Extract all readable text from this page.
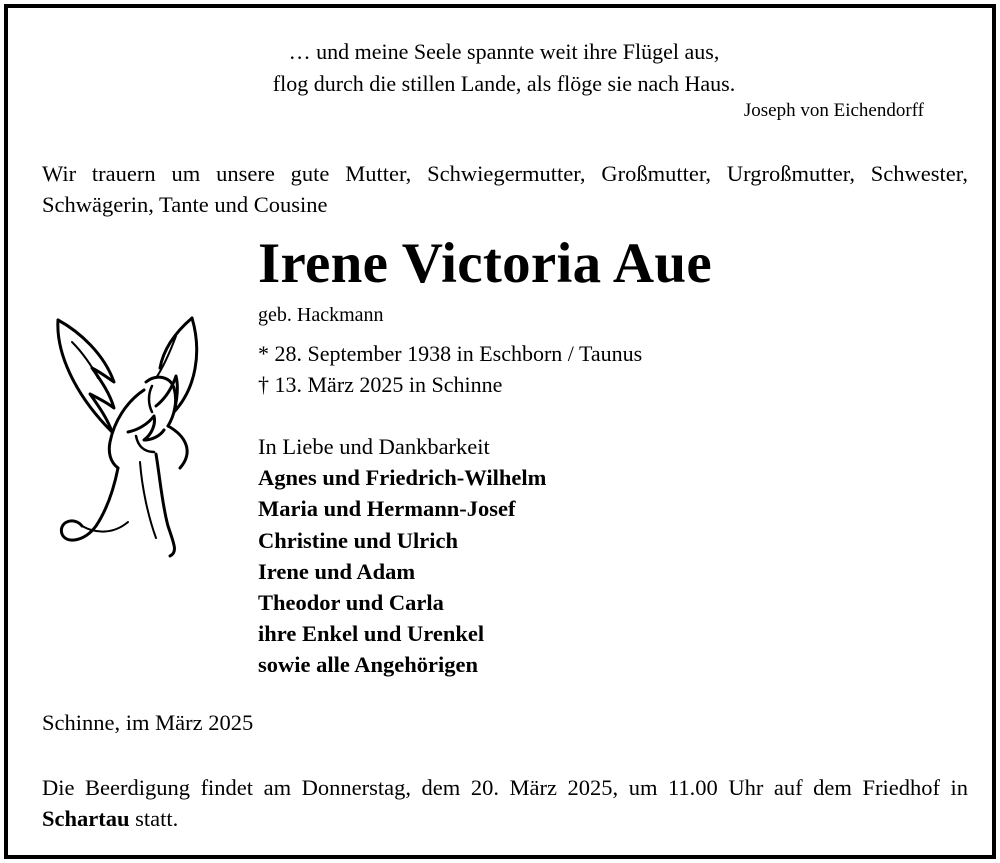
… und meine Seele spannte weit ihre Flügel aus,
flog durch die stillen Lande, als flöge sie nach Haus.
Joseph von Eichendorff
Wir trauern um unsere gute Mutter, Schwiegermutter, Großmutter, Urgroßmutter, Schwester, Schwägerin, Tante und Cousine
Irene Victoria Aue
geb. Hackmann
* 28. September 1938 in Eschborn / Taunus
† 13. März 2025 in Schinne
In Liebe und Dankbarkeit
Agnes und Friedrich-Wilhelm
Maria und Hermann-Josef
Christine und Ulrich
Irene und Adam
Theodor und Carla
ihre Enkel und Urenkel
sowie alle Angehörigen
Schinne, im März 2025
Die Beerdigung findet am Donnerstag, dem 20. März 2025, um 11.00 Uhr auf dem Friedhof in Schartau statt.
